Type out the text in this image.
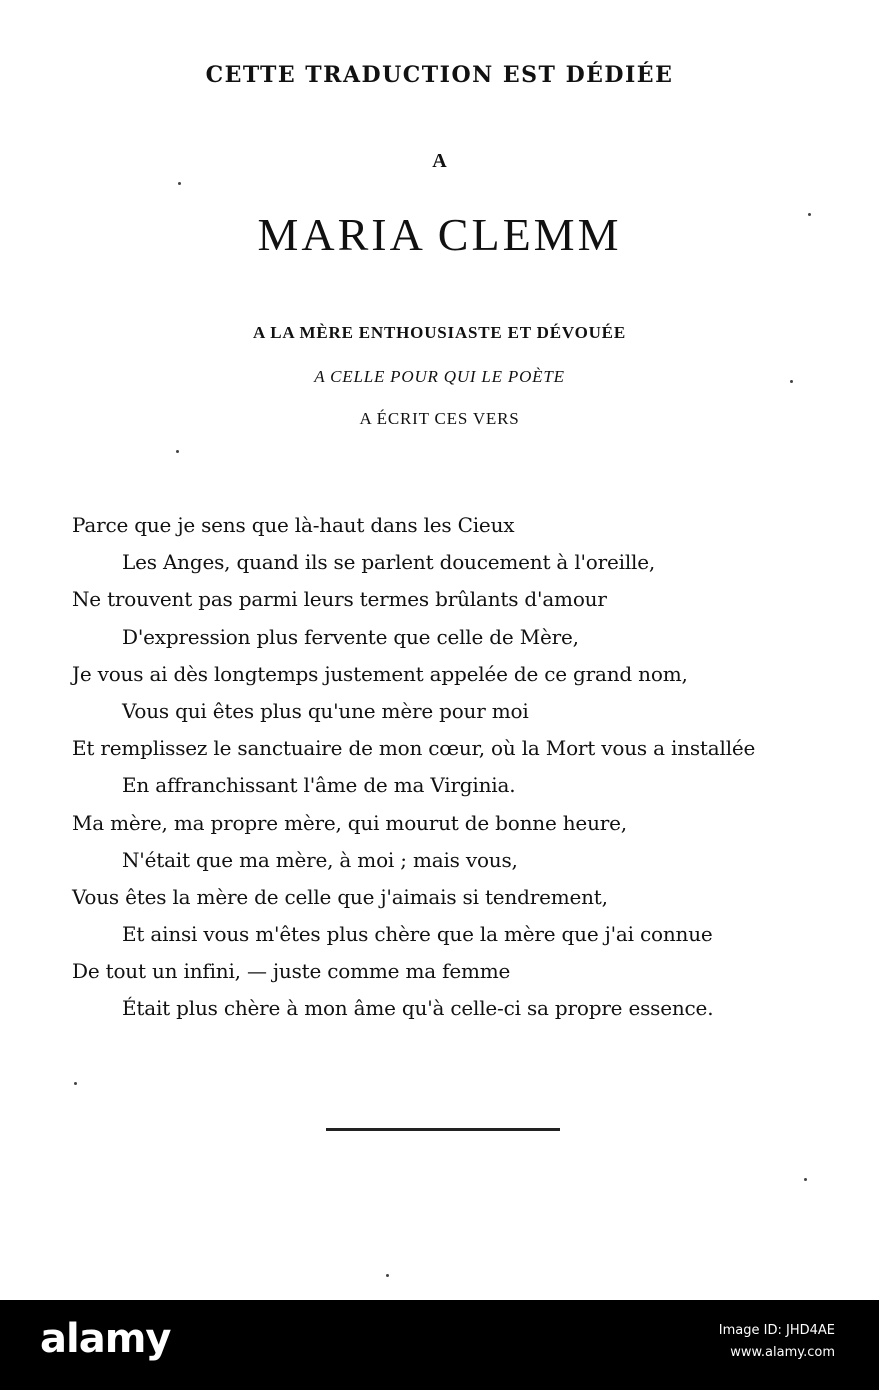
CETTE TRADUCTION EST DÉDIÉE
A
MARIA CLEMM
A LA MÈRE ENTHOUSIASTE ET DÉVOUÉE
A CELLE POUR QUI LE POÈTE
A ÉCRIT CES VERS
Parce que je sens que là-haut dans les Cieux
Les Anges, quand ils se parlent doucement à l'oreille,
Ne trouvent pas parmi leurs termes brûlants d'amour
D'expression plus fervente que celle de Mère,
Je vous ai dès longtemps justement appelée de ce grand nom,
Vous qui êtes plus qu'une mère pour moi
Et remplissez le sanctuaire de mon cœur, où la Mort vous a installée
En affranchissant l'âme de ma Virginia.
Ma mère, ma propre mère, qui mourut de bonne heure,
N'était que ma mère, à moi ; mais vous,
Vous êtes la mère de celle que j'aimais si tendrement,
Et ainsi vous m'êtes plus chère que la mère que j'ai connue
De tout un infini, — juste comme ma femme
Était plus chère à mon âme qu'à celle-ci sa propre essence.
alamy	Image ID: JHD4AE
www.alamy.com
